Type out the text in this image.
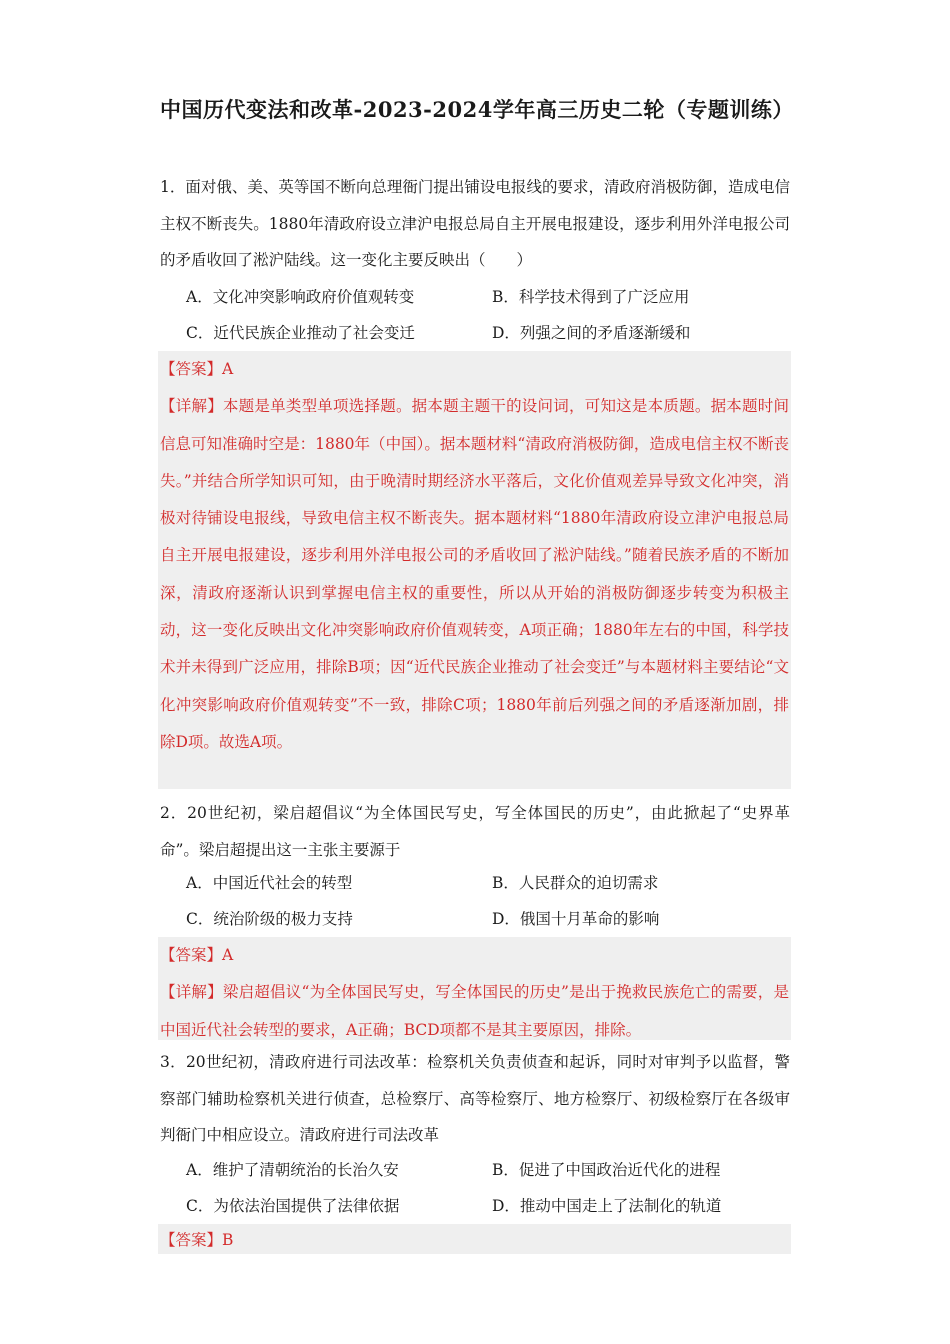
中国历代变法和改革-2023-2024学年高三历史二轮（专题训练）
1．面对俄、美、英等国不断向总理衙门提出铺设电报线的要求，清政府消极防御，造成电信主权不断丧失。1880年清政府设立津沪电报总局自主开展电报建设，逐步利用外洋电报公司的矛盾收回了淞沪陆线。这一变化主要反映出（　　）
A．文化冲突影响政府价值观转变	B．科学技术得到了广泛应用
C．近代民族企业推动了社会变迁	D．列强之间的矛盾逐渐缓和

【答案】A

【详解】本题是单类型单项选择题。据本题主题干的设问词，可知这是本质题。据本题时间信息可知准确时空是：1880年（中国）。据本题材料“清政府消极防御，造成电信主权不断丧失。”并结合所学知识可知，由于晚清时期经济水平落后，文化价值观差异导致文化冲突，消极对待铺设电报线，导致电信主权不断丧失。据本题材料“1880年清政府设立津沪电报总局自主开展电报建设，逐步利用外洋电报公司的矛盾收回了淞沪陆线。”随着民族矛盾的不断加深，清政府逐渐认识到掌握电信主权的重要性，所以从开始的消极防御逐步转变为积极主动，这一变化反映出文化冲突影响政府价值观转变，A项正确；1880年左右的中国，科学技术并未得到广泛应用，排除B项；因“近代民族企业推动了社会变迁”与本题材料主要结论“文化冲突影响政府价值观转变”不一致，排除C项；1880年前后列强之间的矛盾逐渐加剧，排除D项。故选A项。

2．20世纪初，梁启超倡议“为全体国民写史，写全体国民的历史”，由此掀起了“史界革命”。梁启超提出这一主张主要源于
A．中国近代社会的转型	B．人民群众的迫切需求
C．统治阶级的极力支持	D．俄国十月革命的影响

【答案】A

【详解】梁启超倡议“为全体国民写史，写全体国民的历史”是出于挽救民族危亡的需要，是中国近代社会转型的要求，A正确；BCD项都不是其主要原因，排除。

3．20世纪初，清政府进行司法改革：检察机关负责侦查和起诉，同时对审判予以监督，警察部门辅助检察机关进行侦查，总检察厅、高等检察厅、地方检察厅、初级检察厅在各级审判衙门中相应设立。清政府进行司法改革
A．维护了清朝统治的长治久安	B．促进了中国政治近代化的进程
C．为依法治国提供了法律依据	D．推动中国走上了法制化的轨道

【答案】B
